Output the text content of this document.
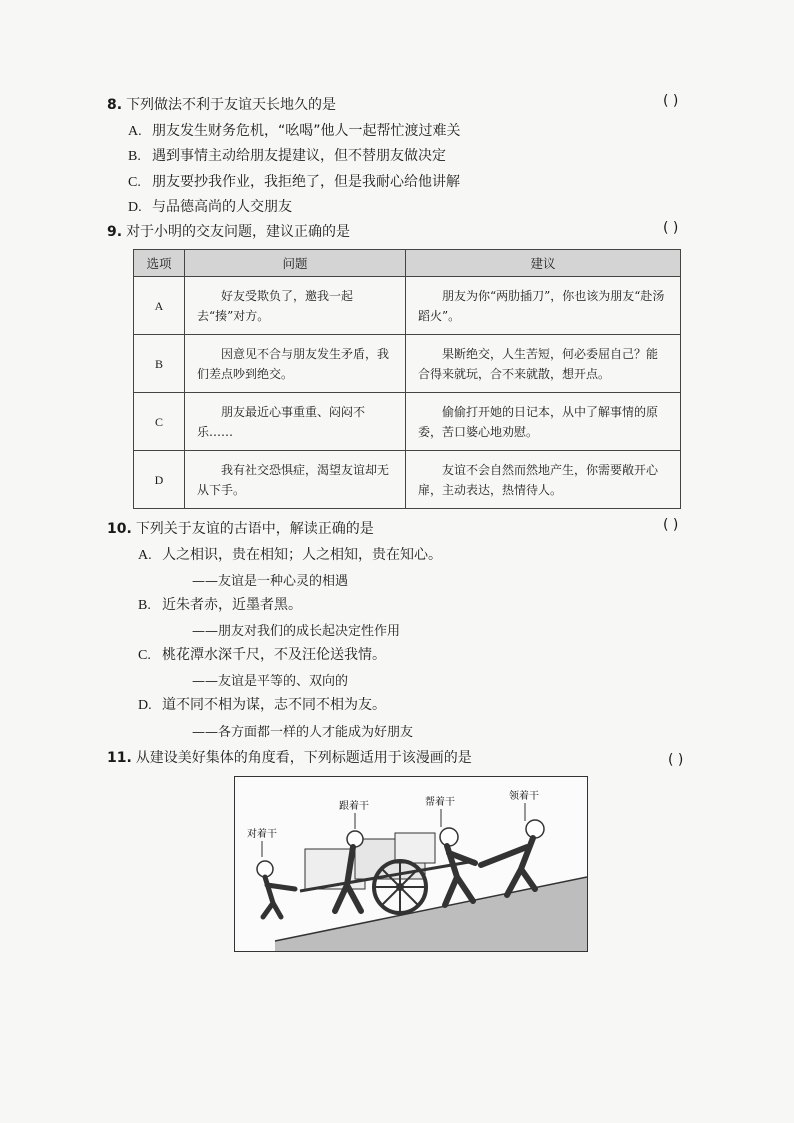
8. 下列做法不利于友谊天长地久的是	( )
A. 朋友发生财务危机，“吆喝”他人一起帮忙渡过难关
B. 遇到事情主动给朋友提建议，但不替朋友做决定
C. 朋友要抄我作业，我拒绝了，但是我耐心给他讲解
D. 与品德高尚的人交朋友
9. 对于小明的交友问题，建议正确的是	( )
选项	问题	建议
A	好友受欺负了，邀我一起去“揍”对方。	朋友为你“两肋插刀”，你也该为朋友“赴汤蹈火”。
B	因意见不合与朋友发生矛盾，我们差点吵到绝交。	果断绝交，人生苦短，何必委屈自己？能合得来就玩，合不来就散，想开点。
C	朋友最近心事重重、闷闷不乐……	偷偷打开她的日记本，从中了解事情的原委，苦口婆心地劝慰。
D	我有社交恐惧症，渴望友谊却无从下手。	友谊不会自然而然地产生，你需要敞开心扉，主动表达，热情待人。
10. 下列关于友谊的古语中，解读正确的是	( )
A. 人之相识，贵在相知；人之相知，贵在知心。
——友谊是一种心灵的相遇
B. 近朱者赤，近墨者黑。
——朋友对我们的成长起决定性作用
C. 桃花潭水深千尺，不及汪伦送我情。
——友谊是平等的、双向的
D. 道不同不相为谋，志不同不相为友。
——各方面都一样的人才能成为好朋友
11. 从建设美好集体的角度看，下列标题适用于该漫画的是	( )
对着干
跟着干	帮着干
领着干
